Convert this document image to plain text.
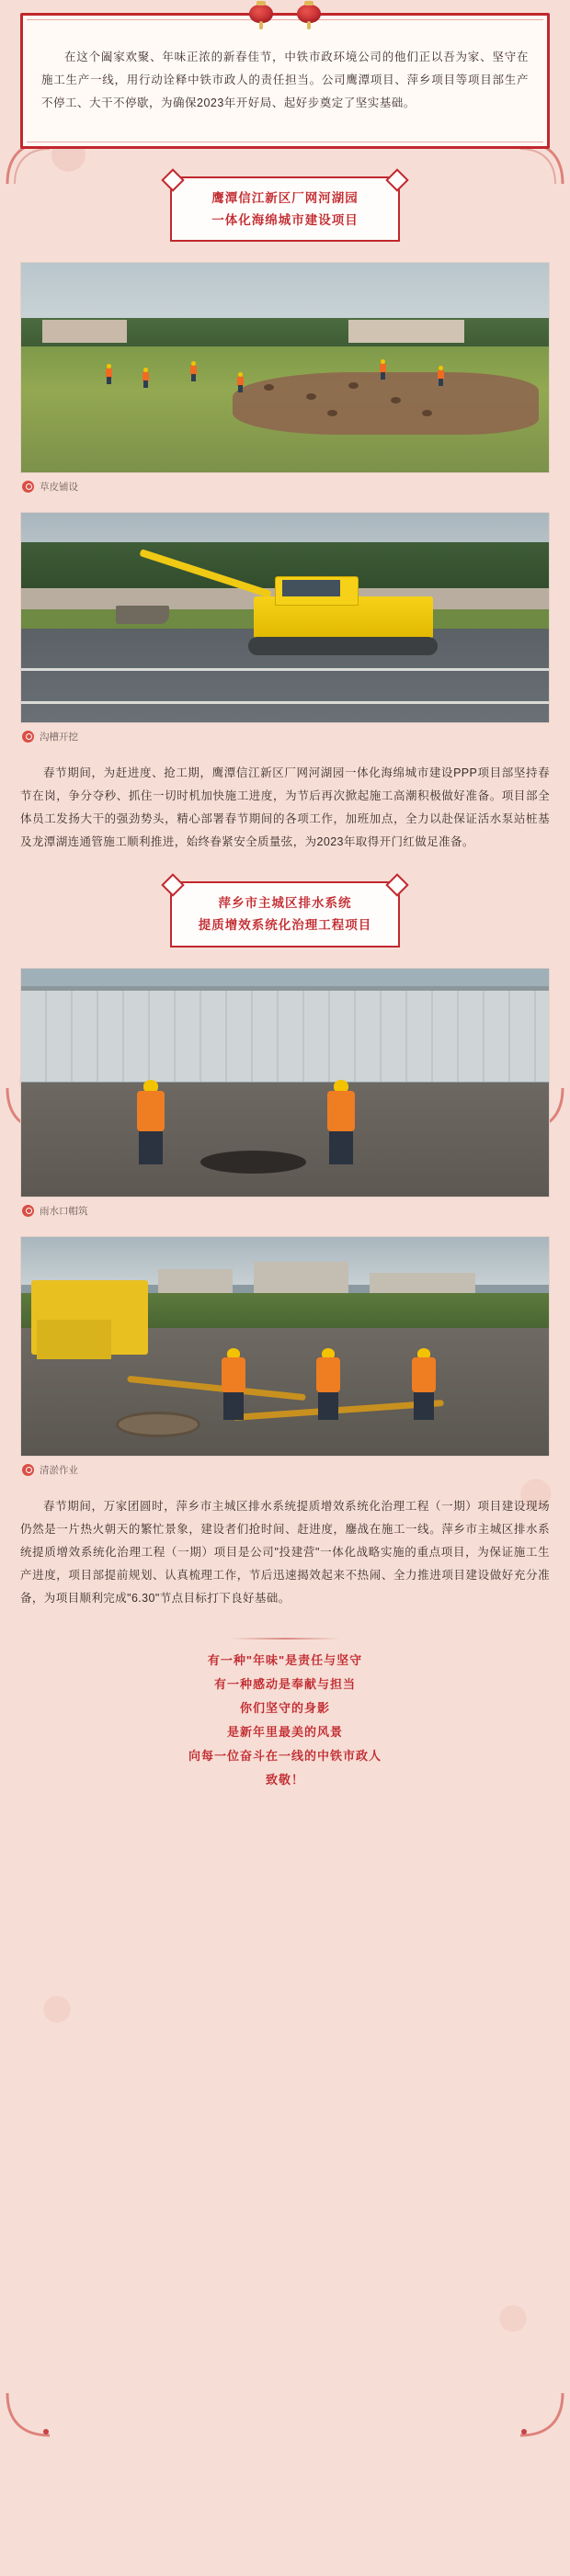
在这个阖家欢聚、年味正浓的新春佳节，中铁市政环境公司的他们正以吾为家、坚守在施工生产一线，用行动诠释中铁市政人的责任担当。公司鹰潭项目、萍乡项目等项目部生产不停工、大干不停歇，为确保2023年开好局、起好步奠定了坚实基础。

鹰潭信江新区厂网河湖园
一体化海绵城市建设项目
草皮铺设
沟槽开挖

春节期间，为赶进度、抢工期，鹰潭信江新区厂网河湖园一体化海绵城市建设PPP项目部坚持春节在岗，争分夺秒、抓住一切时机加快施工进度，为节后再次掀起施工高潮积极做好准备。项目部全体员工发扬大干的强劲势头，精心部署春节期间的各项工作，加班加点，全力以赴保证活水泵站桩基及龙潭湖连通管施工顺利推进，始终眷紧安全质量弦，为2023年取得开门红做足准备。

萍乡市主城区排水系统
提质增效系统化治理工程项目
雨水口帽筑
清淤作业

春节期间，万家团圆时，萍乡市主城区排水系统提质增效系统化治理工程（一期）项目建设现场仍然是一片热火朝天的繁忙景象，建设者们抢时间、赶进度，鏖战在施工一线。萍乡市主城区排水系统提质增效系统化治理工程（一期）项目是公司"投建营"一体化战略实施的重点项目，为保证施工生产进度，项目部提前规划、认真梳理工作，节后迅速揭效起来不热闹、全力推进项目建设做好充分准备，为项目顺利完成"6.30"节点目标打下良好基础。

有一种"年味"是责任与坚守
有一种感动是奉献与担当
你们坚守的身影
是新年里最美的风景
向每一位奋斗在一线的中铁市政人
致敬！
